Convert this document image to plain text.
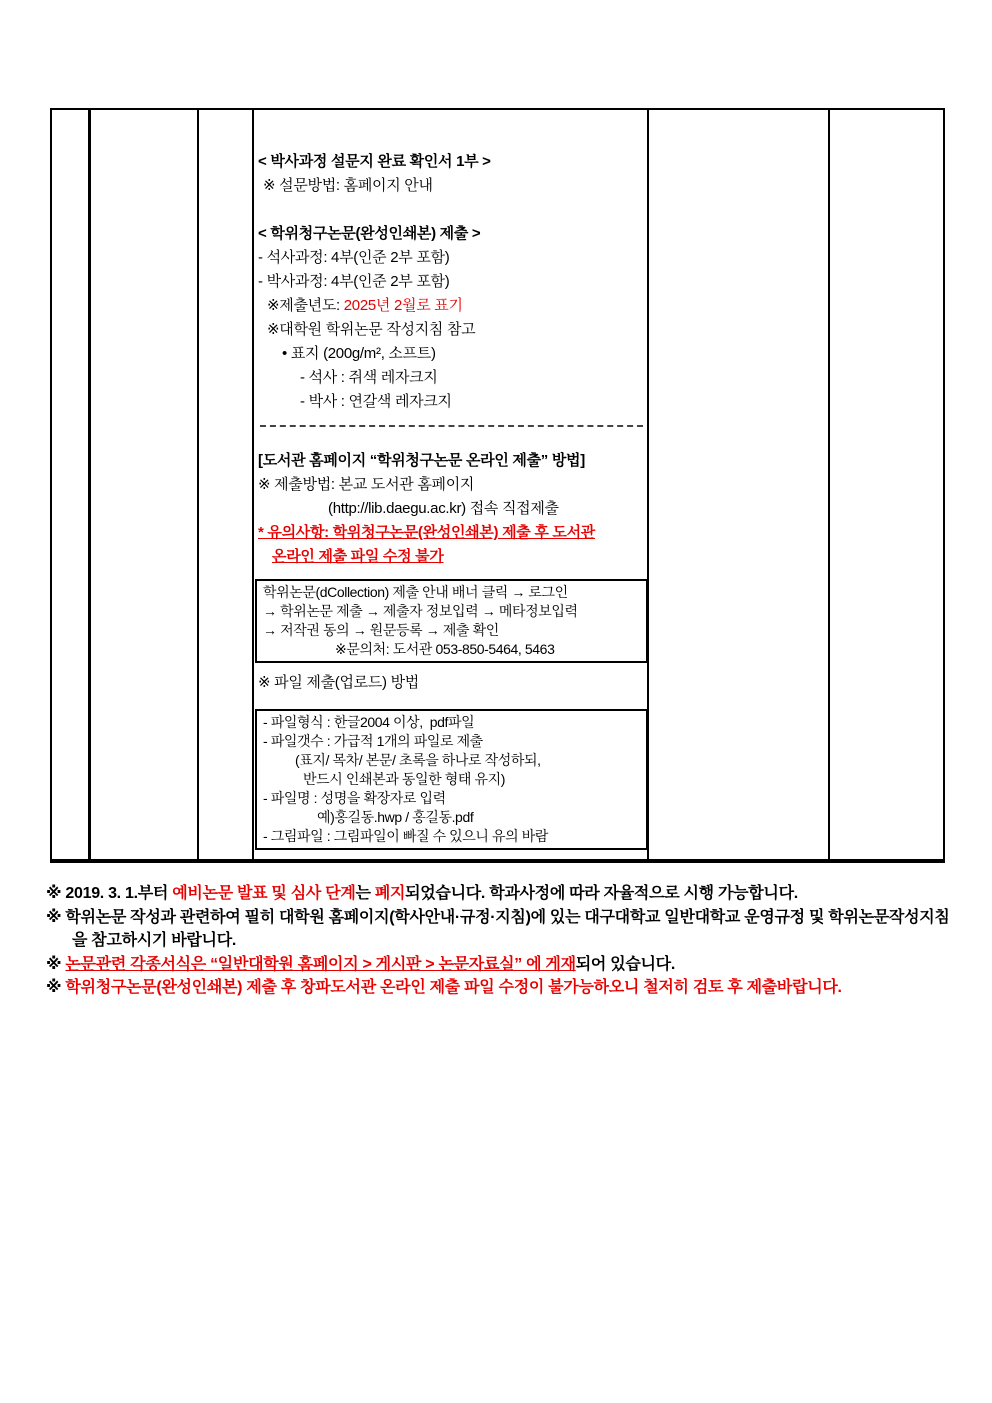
< 박사과정 설문지 완료 확인서 1부 >
※ 설문방법: 홈페이지 안내
< 학위청구논문(완성인쇄본) 제출 >
- 석사과정: 4부(인준 2부 포함)
- 박사과정: 4부(인준 2부 포함)
※제출년도: 2025년 2월로 표기
※대학원 학위논문 작성지침 참고
• 표지 (200g/m², 소프트)
- 석사 : 쥐색 레자크지
- 박사 : 연갈색 레자크지
[도서관 홈페이지 “학위청구논문 온라인 제출” 방법]
※ 제출방법: 본교 도서관 홈페이지
(http://lib.daegu.ac.kr) 접속 직접제출
* 유의사항: 학위청구논문(완성인쇄본) 제출 후 도서관
온라인 제출 파일 수정 불가
학위논문(dCollection) 제출 안내 배너 클릭 → 로그인
→ 학위논문 제출 → 제출자 정보입력 → 메타정보입력
→ 저작권 동의 → 원문등록 → 제출 확인
※문의처: 도서관 053-850-5464, 5463
※ 파일 제출(업로드) 방법
- 파일형식 : 한글2004 이상,  pdf파일
- 파일갯수 : 가급적 1개의 파일로 제출
(표지/ 목차/ 본문/ 초록을 하나로 작성하되,
반드시 인쇄본과 동일한 형태 유지)
- 파일명 : 성명을 확장자로 입력
예)홍길동.hwp / 홍길동.pdf
- 그림파일 : 그림파일이 빠질 수 있으니 유의 바람

※ 2019. 3. 1.부터 예비논문 발표 및 심사 단계는 폐지되었습니다. 학과사정에 따라 자율적으로 시행 가능합니다.

※ 학위논문 작성과 관련하여 필히 대학원 홈페이지(학사안내·규정·지침)에 있는 대구대학교 일반대학교 운영규정 및 학위논문작성지침을 참고하시기 바랍니다.

※ 논문관련 각종서식은 “일반대학원 홈페이지 > 게시판 > 논문자료실” 에 게재되어 있습니다.

※ 학위청구논문(완성인쇄본) 제출 후 창파도서관 온라인 제출 파일 수정이 불가능하오니 철저히 검토 후 제출바랍니다.
